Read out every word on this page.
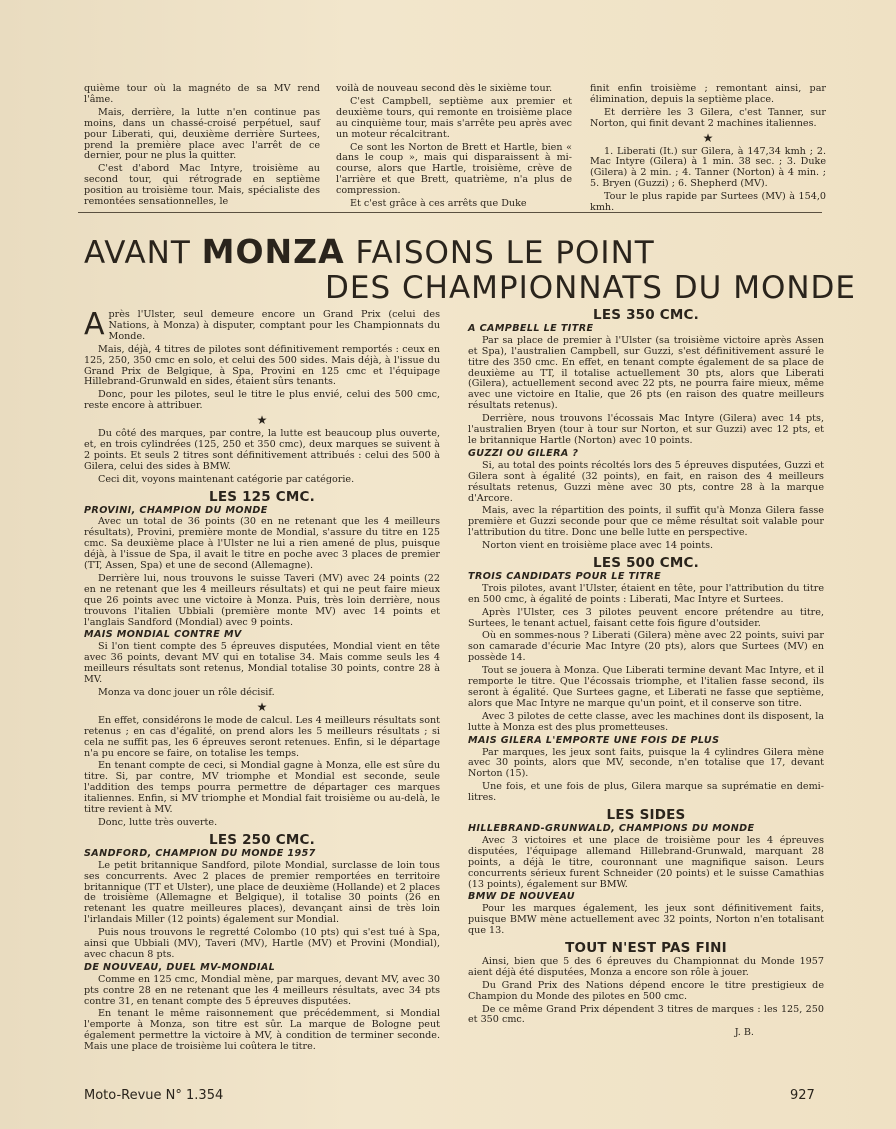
quième tour où la magnéto de sa MV rend l'âme.

Mais, derrière, la lutte n'en continue pas moins, dans un chassé-croisé perpétuel, sauf pour Liberati, qui, deuxième derrière Surtees, prend la première place avec l'arrêt de ce dernier, pour ne plus la quitter.

C'est d'abord Mac Intyre, troisième au second tour, qui rétrograde en septième position au troisième tour. Mais, spécialiste des remontées sensationnelles, le

voilà de nouveau second dès le sixième tour.

C'est Campbell, septième aux premier et deuxième tours, qui remonte en troisième place au cinquième tour, mais s'arrête peu après avec un moteur récalcitrant.

Ce sont les Norton de Brett et Hartle, bien « dans le coup », mais qui disparaissent à mi-course, alors que Hartle, troisième, crève de l'arrière et que Brett, quatrième, n'a plus de compression.

Et c'est grâce à ces arrêts que Duke

finit enfin troisième ; remontant ainsi, par élimination, depuis la septième place.

Et derrière les 3 Gilera, c'est Tanner, sur Norton, qui finit devant 2 machines italiennes.

★

1. Liberati (It.) sur Gilera, à 147,34 kmh ; 2. Mac Intyre (Gilera) à 1 min. 38 sec. ; 3. Duke (Gilera) à 2 min. ; 4. Tanner (Norton) à 4 min. ; 5. Bryen (Guzzi) ; 6. Shepherd (MV).

Tour le plus rapide par Surtees (MV) à 154,0 kmh.

AVANT MONZA FAISONS LE POINT
DES CHAMPIONNATS DU MONDE
A près l'Ulster, seul demeure encore un Grand Prix (celui des Nations, à Monza) à disputer, comptant pour les Championnats du Monde.

Mais, déjà, 4 titres de pilotes sont définitivement remportés : ceux en 125, 250, 350 cmc en solo, et celui des 500 sides. Mais déjà, à l'issue du Grand Prix de Belgique, à Spa, Provini en 125 cmc et l'équipage Hillebrand-Grunwald en sides, étaient sûrs tenants.

Donc, pour les pilotes, seul le titre le plus envié, celui des 500 cmc, reste encore à attribuer.

★

Du côté des marques, par contre, la lutte est beaucoup plus ouverte, et, en trois cylindrées (125, 250 et 350 cmc), deux marques se suivent à 2 points. Et seuls 2 titres sont définitivement attribués : celui des 500 à Gilera, celui des sides à BMW.

Ceci dit, voyons maintenant catégorie par catégorie.

LES 125 CMC.
PROVINI, CHAMPION DU MONDE

Avec un total de 36 points (30 en ne retenant que les 4 meilleurs résultats), Provini, première monte de Mondial, s'assure du titre en 125 cmc. Sa deuxième place à l'Ulster ne lui a rien amené de plus, puisque déjà, à l'issue de Spa, il avait le titre en poche avec 3 places de premier (TT, Assen, Spa) et une de second (Allemagne).

Derrière lui, nous trouvons le suisse Taveri (MV) avec 24 points (22 en ne retenant que les 4 meilleurs résultats) et qui ne peut faire mieux que 26 points avec une victoire à Monza. Puis, très loin derrière, nous trouvons l'italien Ubbiali (première monte MV) avec 14 points et l'anglais Sandford (Mondial) avec 9 points.

MAIS MONDIAL CONTRE MV

Si l'on tient compte des 5 épreuves disputées, Mondial vient en tête avec 36 points, devant MV qui en totalise 34. Mais comme seuls les 4 meilleurs résultats sont retenus, Mondial totalise 30 points, contre 28 à MV.

Monza va donc jouer un rôle décisif.

★

En effet, considérons le mode de calcul. Les 4 meilleurs résultats sont retenus ; en cas d'égalité, on prend alors les 5 meilleurs résultats ; si cela ne suffit pas, les 6 épreuves seront retenues. Enfin, si le départage n'a pu encore se faire, on totalise les temps.

En tenant compte de ceci, si Mondial gagne à Monza, elle est sûre du titre. Si, par contre, MV triomphe et Mondial est seconde, seule l'addition des temps pourra permettre de départager ces marques italiennes. Enfin, si MV triomphe et Mondial fait troisième ou au-delà, le titre revient à MV.

Donc, lutte très ouverte.

LES 250 CMC.
SANDFORD, CHAMPION DU MONDE 1957

Le petit britannique Sandford, pilote Mondial, surclasse de loin tous ses concurrents. Avec 2 places de premier remportées en territoire britannique (TT et Ulster), une place de deuxième (Hollande) et 2 places de troisième (Allemagne et Belgique), il totalise 30 points (26 en retenant les quatre meilleures places), devançant ainsi de très loin l'irlandais Miller (12 points) également sur Mondial.

Puis nous trouvons le regretté Colombo (10 pts) qui s'est tué à Spa, ainsi que Ubbiali (MV), Taveri (MV), Hartle (MV) et Provini (Mondial), avec chacun 8 pts.

DE NOUVEAU, DUEL MV-MONDIAL

Comme en 125 cmc, Mondial mène, par marques, devant MV, avec 30 pts contre 28 en ne retenant que les 4 meilleurs résultats, avec 34 pts contre 31, en tenant compte des 5 épreuves disputées.

En tenant le même raisonnement que précédemment, si Mondial l'emporte à Monza, son titre est sûr. La marque de Bologne peut également permettre la victoire à MV, à condition de terminer seconde. Mais une place de troisième lui coûtera le titre.

LES 350 CMC.
A CAMPBELL LE TITRE

Par sa place de premier à l'Ulster (sa troisième victoire après Assen et Spa), l'australien Campbell, sur Guzzi, s'est définitivement assuré le titre des 350 cmc. En effet, en tenant compte également de sa place de deuxième au TT, il totalise actuellement 30 pts, alors que Liberati (Gilera), actuellement second avec 22 pts, ne pourra faire mieux, même avec une victoire en Italie, que 26 pts (en raison des quatre meilleurs résultats retenus).

Derrière, nous trouvons l'écossais Mac Intyre (Gilera) avec 14 pts, l'australien Bryen (tour à tour sur Norton, et sur Guzzi) avec 12 pts, et le britannique Hartle (Norton) avec 10 points.

GUZZI OU GILERA ?

Si, au total des points récoltés lors des 5 épreuves disputées, Guzzi et Gilera sont à égalité (32 points), en fait, en raison des 4 meilleurs résultats retenus, Guzzi mène avec 30 pts, contre 28 à la marque d'Arcore.

Mais, avec la répartition des points, il suffit qu'à Monza Gilera fasse première et Guzzi seconde pour que ce même résultat soit valable pour l'attribution du titre. Donc une belle lutte en perspective.

Norton vient en troisième place avec 14 points.

LES 500 CMC.
TROIS CANDIDATS POUR LE TITRE

Trois pilotes, avant l'Ulster, étaient en tête, pour l'attribution du titre en 500 cmc, à égalité de points : Liberati, Mac Intyre et Surtees.

Après l'Ulster, ces 3 pilotes peuvent encore prétendre au titre, Surtees, le tenant actuel, faisant cette fois figure d'outsider.

Où en sommes-nous ? Liberati (Gilera) mène avec 22 points, suivi par son camarade d'écurie Mac Intyre (20 pts), alors que Surtees (MV) en possède 14.

Tout se jouera à Monza. Que Liberati termine devant Mac Intyre, et il remporte le titre. Que l'écossais triomphe, et l'italien fasse second, ils seront à égalité. Que Surtees gagne, et Liberati ne fasse que septième, alors que Mac Intyre ne marque qu'un point, et il conserve son titre.

Avec 3 pilotes de cette classe, avec les machines dont ils disposent, la lutte à Monza est des plus prometteuses.

MAIS GILERA L'EMPORTE UNE FOIS DE PLUS

Par marques, les jeux sont faits, puisque la 4 cylindres Gilera mène avec 30 points, alors que MV, seconde, n'en totalise que 17, devant Norton (15).

Une fois, et une fois de plus, Gilera marque sa suprématie en demi-litres.

LES SIDES
HILLEBRAND-GRUNWALD, CHAMPIONS DU MONDE

Avec 3 victoires et une place de troisième pour les 4 épreuves disputées, l'équipage allemand Hillebrand-Grunwald, marquant 28 points, a déjà le titre, couronnant une magnifique saison. Leurs concurrents sérieux furent Schneider (20 points) et le suisse Camathias (13 points), également sur BMW.

BMW DE NOUVEAU

Pour les marques également, les jeux sont définitivement faits, puisque BMW mène actuellement avec 32 points, Norton n'en totalisant que 13.

TOUT N'EST PAS FINI

Ainsi, bien que 5 des 6 épreuves du Championnat du Monde 1957 aient déjà été disputées, Monza a encore son rôle à jouer.

Du Grand Prix des Nations dépend encore le titre prestigieux de Champion du Monde des pilotes en 500 cmc.

De ce même Grand Prix dépendent 3 titres de marques : les 125, 250 et 350 cmc.

J. B.
Moto-Revue N° 1.354	927
